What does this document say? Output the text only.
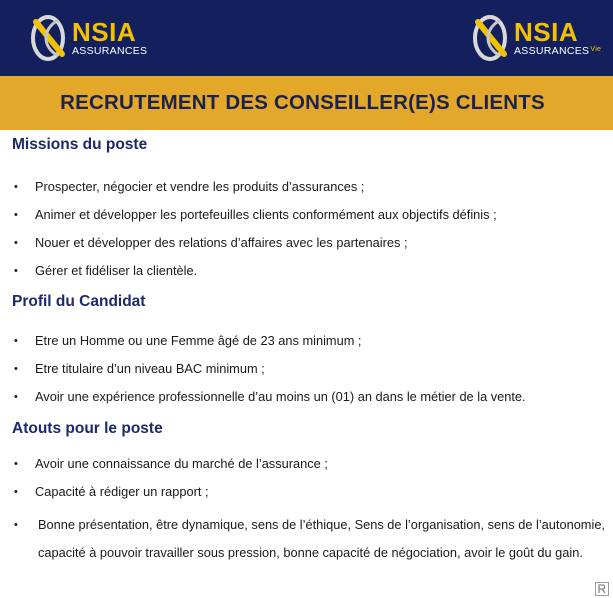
NSIA
ASSURANCES
NSIA
$ASSURANCES^{Vie}$
RECRUTEMENT DES CONSEILLER(E)S CLIENTS
Missions du poste
•	Prospecter, négocier et vendre les produits d’assurances ;
•	Animer et développer les portefeuilles clients conformément aux objectifs définis ;
•	Nouer et développer des relations d’affaires avec les partenaires ;
•	Gérer et fidéliser la clientèle.
Profil du Candidat
•	Etre un Homme ou une Femme âgé de 23 ans minimum ;
•	Etre titulaire d’un niveau BAC minimum ;
•	Avoir une expérience professionnelle d’au moins un (01) an dans le métier de la vente.
Atouts pour le poste
•	Avoir une connaissance du marché de l’assurance ;
•	Capacité à rédiger un rapport ;
•	Bonne présentation, être dynamique, sens de l’éthique, Sens de l’organisation, sens de l’autonomie, capacité à pouvoir travailler sous pression, bonne capacité de négociation, avoir le goût du gain.
